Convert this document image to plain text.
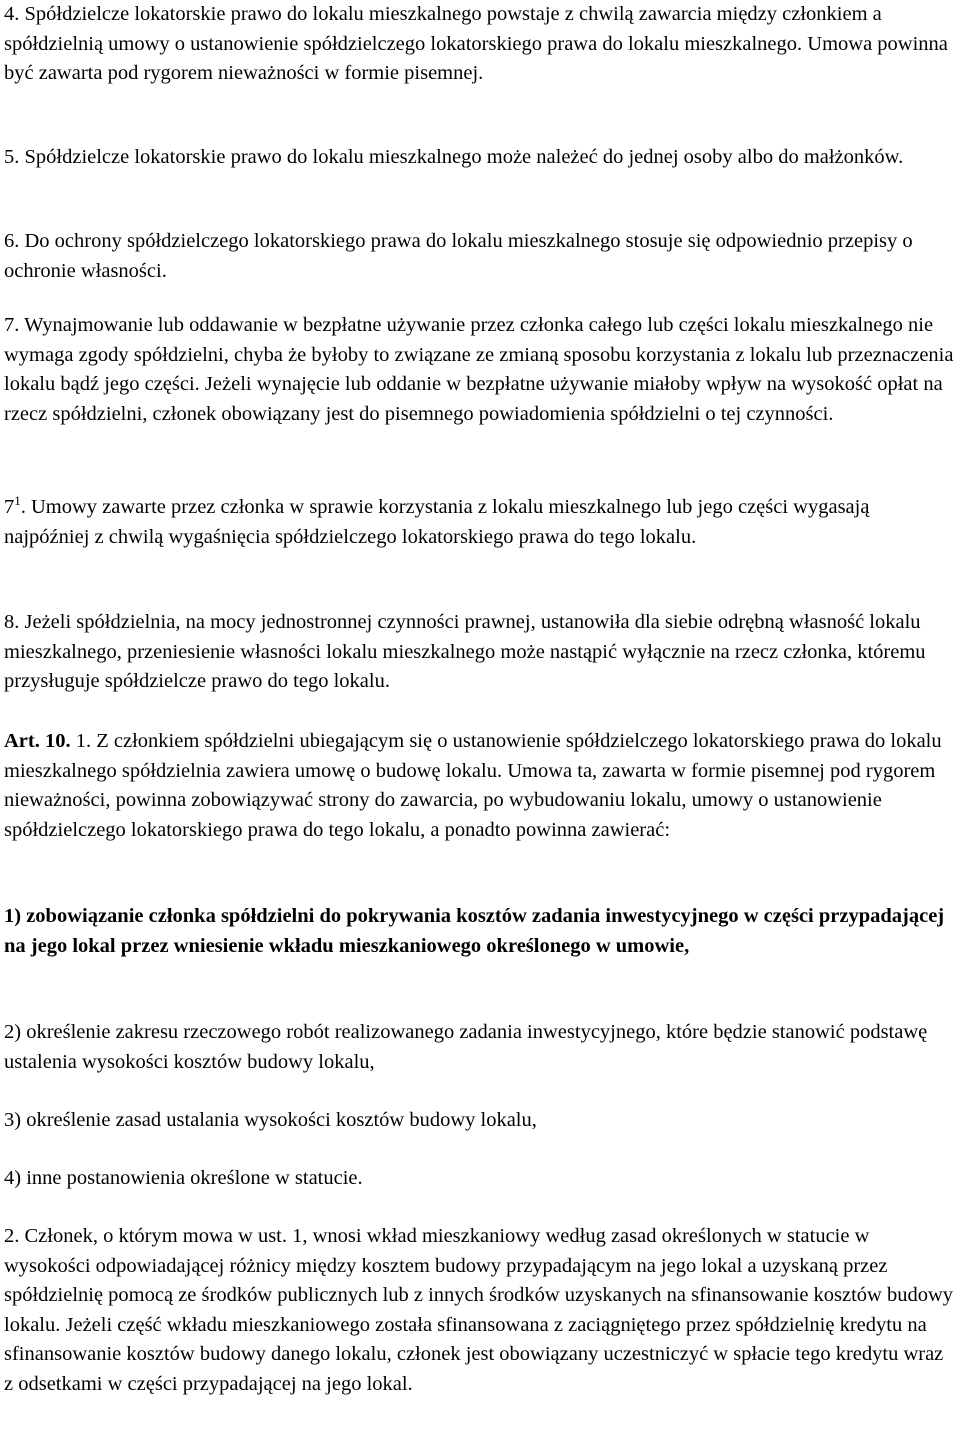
4. Spółdzielcze lokatorskie prawo do lokalu mieszkalnego powstaje z chwilą zawarcia między członkiem a spółdzielnią umowy o ustanowienie spółdzielczego lokatorskiego prawa do lokalu mieszkalnego. Umowa powinna być zawarta pod rygorem nieważności w formie pisemnej.

5. Spółdzielcze lokatorskie prawo do lokalu mieszkalnego może należeć do jednej osoby albo do małżonków.

6. Do ochrony spółdzielczego lokatorskiego prawa do lokalu mieszkalnego stosuje się odpowiednio przepisy o ochronie własności.

7. Wynajmowanie lub oddawanie w bezpłatne używanie przez członka całego lub części lokalu mieszkalnego nie wymaga zgody spółdzielni, chyba że byłoby to związane ze zmianą sposobu korzystania z lokalu lub przeznaczenia lokalu bądź jego części. Jeżeli wynajęcie lub oddanie w bezpłatne używanie miałoby wpływ na wysokość opłat na rzecz spółdzielni, członek obowiązany jest do pisemnego powiadomienia spółdzielni o tej czynności.

$7^1$. Umowy zawarte przez członka w sprawie korzystania z lokalu mieszkalnego lub jego części wygasają najpóźniej z chwilą wygaśnięcia spółdzielczego lokatorskiego prawa do tego lokalu.

8. Jeżeli spółdzielnia, na mocy jednostronnej czynności prawnej, ustanowiła dla siebie odrębną własność lokalu mieszkalnego, przeniesienie własności lokalu mieszkalnego może nastąpić wyłącznie na rzecz członka, któremu przysługuje spółdzielcze prawo do tego lokalu.

Art. 10. 1. Z członkiem spółdzielni ubiegającym się o ustanowienie spółdzielczego lokatorskiego prawa do lokalu mieszkalnego spółdzielnia zawiera umowę o budowę lokalu. Umowa ta, zawarta w formie pisemnej pod rygorem nieważności, powinna zobowiązywać strony do zawarcia, po wybudowaniu lokalu, umowy o ustanowienie spółdzielczego lokatorskiego prawa do tego lokalu, a ponadto powinna zawierać:

1) zobowiązanie członka spółdzielni do pokrywania kosztów zadania inwestycyjnego w części przypadającej na jego lokal przez wniesienie wkładu mieszkaniowego określonego w umowie,

2) określenie zakresu rzeczowego robót realizowanego zadania inwestycyjnego, które będzie stanowić podstawę ustalenia wysokości kosztów budowy lokalu,

3) określenie zasad ustalania wysokości kosztów budowy lokalu,

4) inne postanowienia określone w statucie.

2. Członek, o którym mowa w ust. 1, wnosi wkład mieszkaniowy według zasad określonych w statucie w wysokości odpowiadającej różnicy między kosztem budowy przypadającym na jego lokal a uzyskaną przez spółdzielnię pomocą ze środków publicznych lub z innych środków uzyskanych na sfinansowanie kosztów budowy lokalu. Jeżeli część wkładu mieszkaniowego została sfinansowana z zaciągniętego przez spółdzielnię kredytu na sfinansowanie kosztów budowy danego lokalu, członek jest obowiązany uczestniczyć w spłacie tego kredytu wraz z odsetkami w części przypadającej na jego lokal.
